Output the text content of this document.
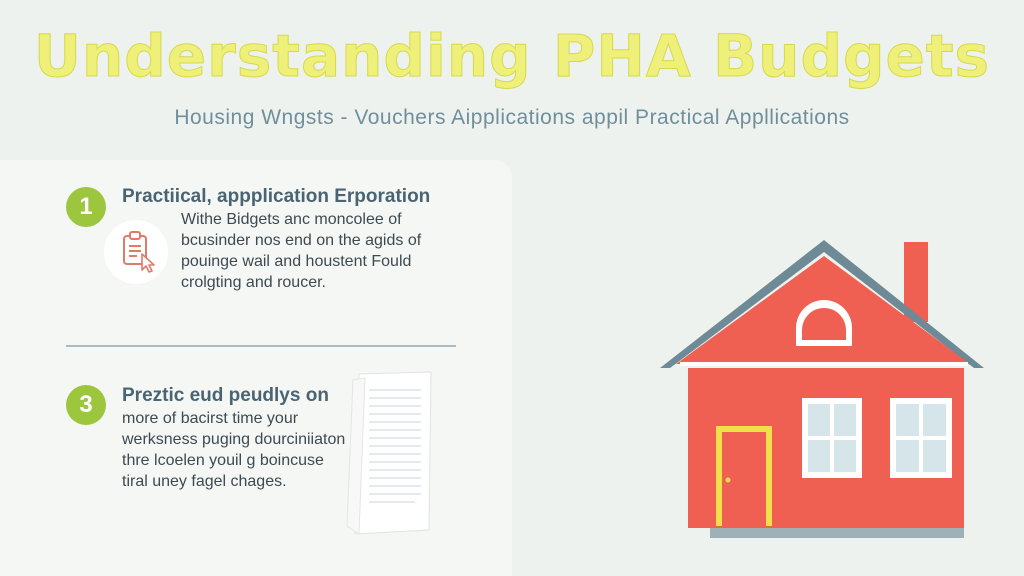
Understanding PHA Budgets
Housing Wngsts - Vouchers Aipplications appil Practical Appllications
1	Practiical, appplication Erporation
Withe Bidgets anc moncolee of
bcusinder nos end on the agids of
pouinge wail and houstent Fould
crolgting and roucer.
3	Preztic eud peudlys on
more of bacirst time your
werksness puging dourciniiaton
thre lcoelen youil g boincuse
tiral uney fagel chages.
